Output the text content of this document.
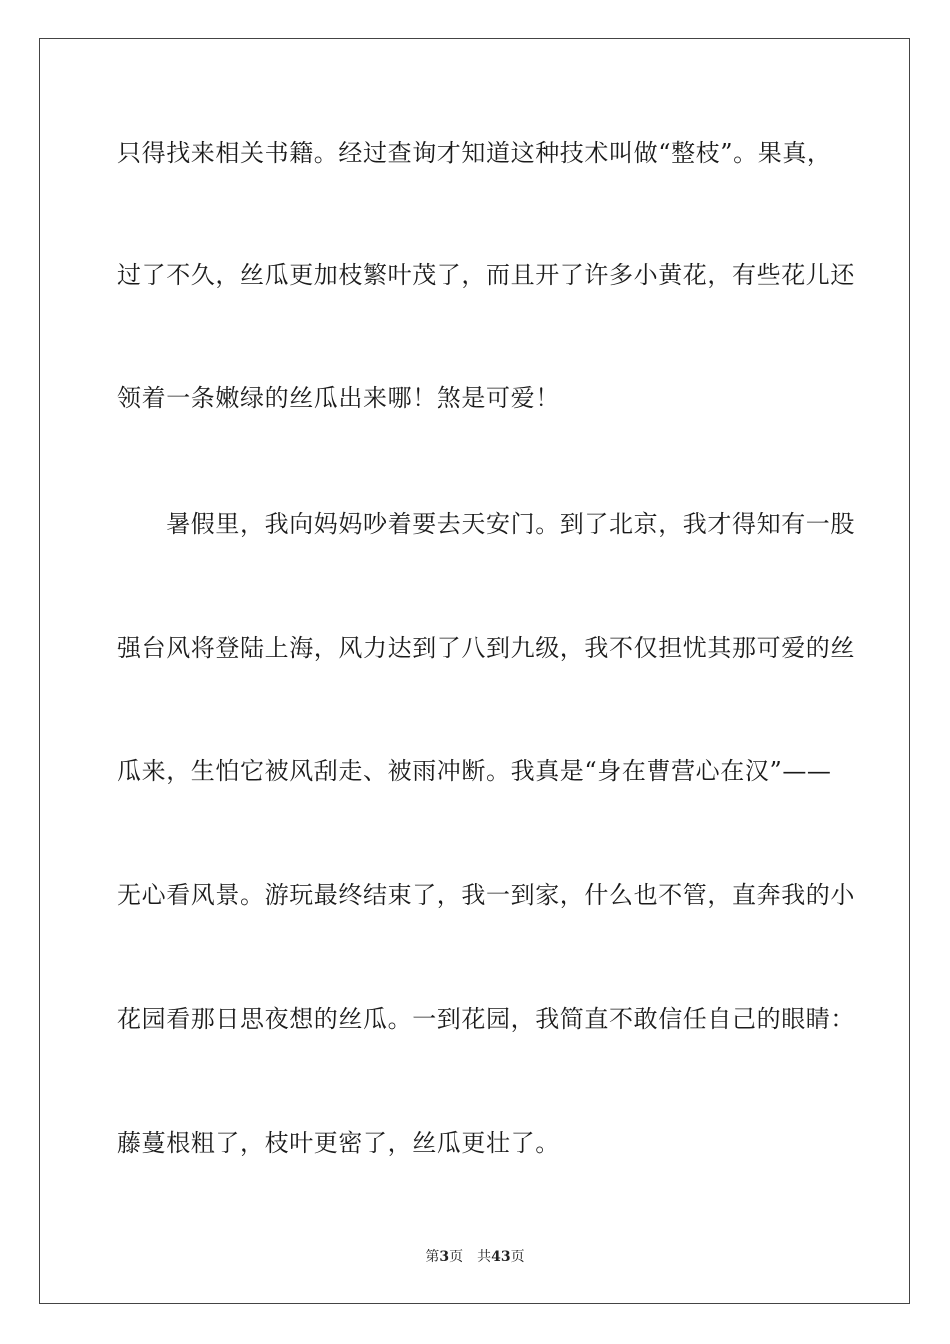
只得找来相关书籍。经过查询才知道这种技术叫做“整枝”。果真，
过了不久，丝瓜更加枝繁叶茂了，而且开了许多小黄花，有些花儿还
领着一条嫩绿的丝瓜出来哪！煞是可爱！
　　暑假里，我向妈妈吵着要去天安门。到了北京，我才得知有一股
强台风将登陆上海，风力达到了八到九级，我不仅担忧其那可爱的丝
瓜来，生怕它被风刮走、被雨冲断。我真是“身在曹营心在汉”——
无心看风景。游玩最终结束了，我一到家，什么也不管，直奔我的小
花园看那日思夜想的丝瓜。一到花园，我简直不敢信任自己的眼睛：
藤蔓根粗了，枝叶更密了，丝瓜更壮了。
第3页 共43页
